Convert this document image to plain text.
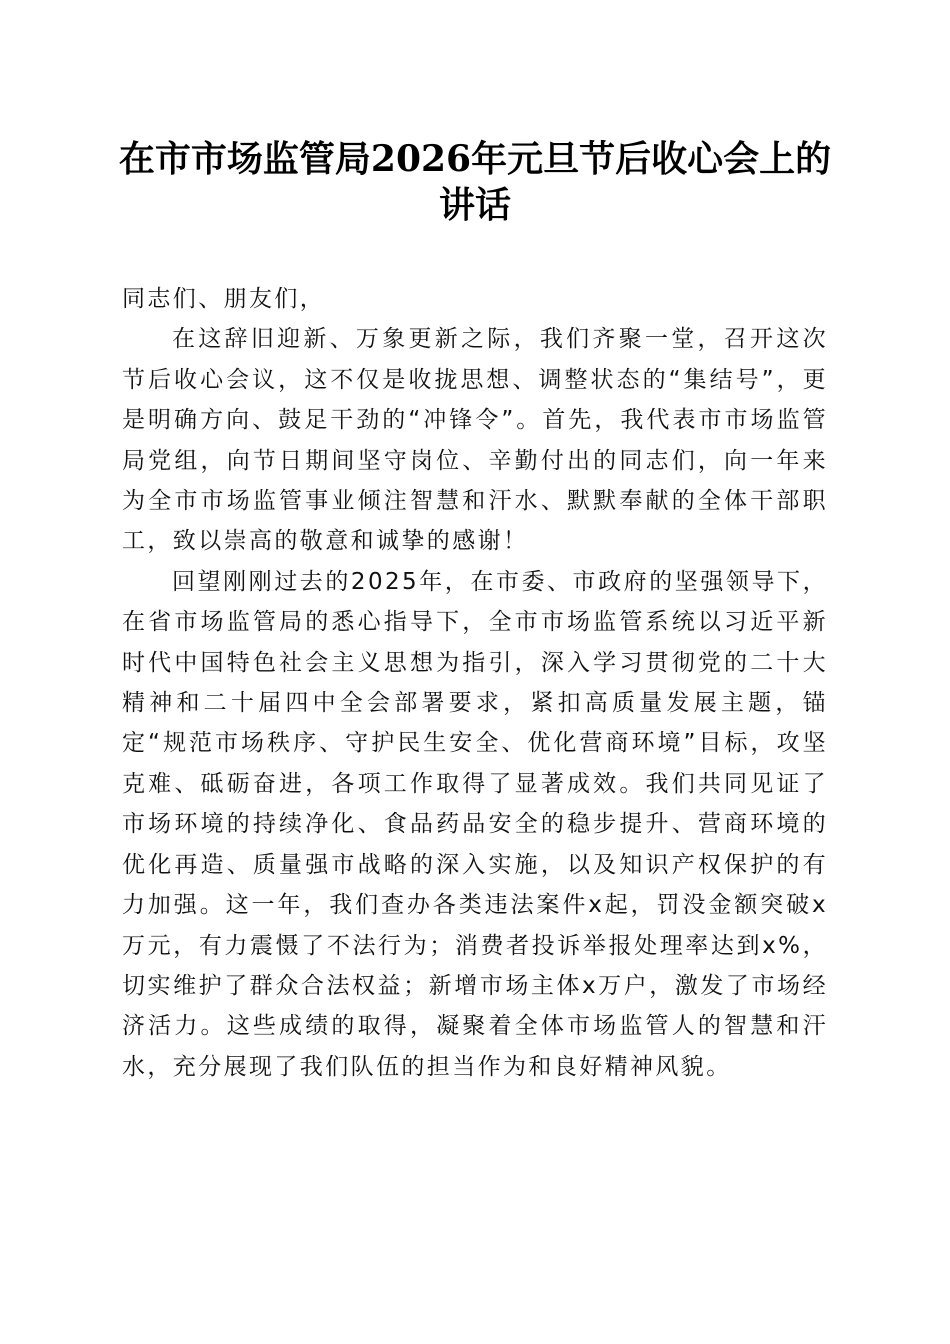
在市市场监管局2026年元旦节后收心会上的讲话

同志们、朋友们，

在这辞旧迎新、万象更新之际，我们齐聚一堂，召开这次节后收心会议，这不仅是收拢思想、调整状态的“集结号”，更是明确方向、鼓足干劲的“冲锋令”。首先，我代表市市场监管局党组，向节日期间坚守岗位、辛勤付出的同志们，向一年来为全市市场监管事业倾注智慧和汗水、默默奉献的全体干部职工，致以崇高的敬意和诚挚的感谢！

回望刚刚过去的2025年，在市委、市政府的坚强领导下，在省市场监管局的悉心指导下，全市市场监管系统以习近平新时代中国特色社会主义思想为指引，深入学习贯彻党的二十大精神和二十届四中全会部署要求，紧扣高质量发展主题，锚定“规范市场秩序、守护民生安全、优化营商环境”目标，攻坚克难、砥砺奋进，各项工作取得了显著成效。我们共同见证了市场环境的持续净化、食品药品安全的稳步提升、营商环境的优化再造、质量强市战略的深入实施，以及知识产权保护的有力加强。这一年，我们查办各类违法案件x起，罚没金额突破x万元，有力震慑了不法行为；消费者投诉举报处理率达到x%，切实维护了群众合法权益；新增市场主体x万户，激发了市场经济活力。这些成绩的取得，凝聚着全体市场监管人的智慧和汗水，充分展现了我们队伍的担当作为和良好精神风貌。
